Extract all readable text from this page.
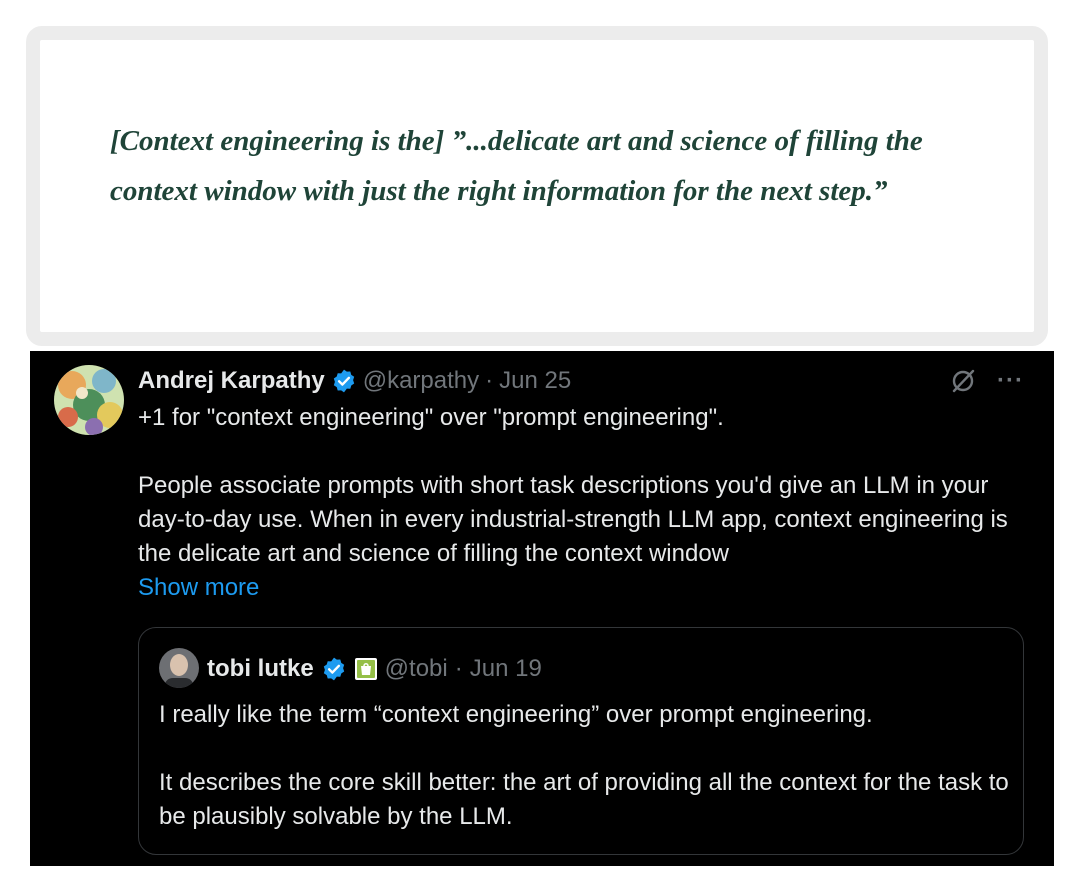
[Context engineering is the] ”...delicate art and science of filling the context window with just the right information for the next step.”

Andrej Karpathy @karpathy · Jun 25	···

+1 for "context engineering" over "prompt engineering".

People associate prompts with short task descriptions you'd give an LLM in your day-to-day use. When in every industrial-strength LLM app, context engineering is the delicate art and science of filling the context window

Show more

tobi lutke	@tobi · Jun 19

I really like the term “context engineering” over prompt engineering.

It describes the core skill better: the art of providing all the context for the task to be plausibly solvable by the LLM.
